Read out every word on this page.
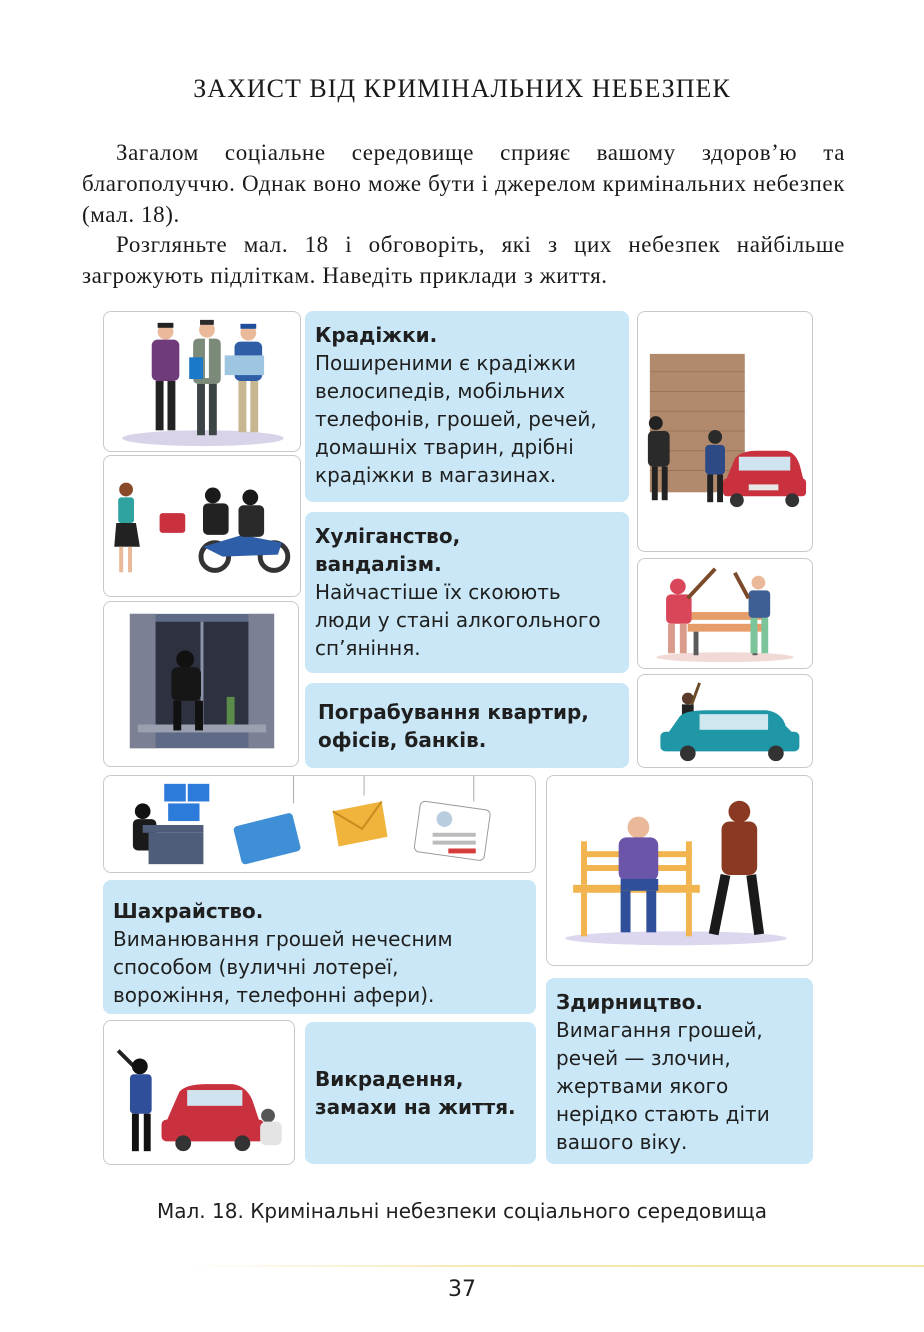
ЗАХИСТ ВІД КРИМІНАЛЬНИХ НЕБЕЗПЕК

Загалом соціальне середовище сприяє вашому здоров’ю та благополуччю. Однак воно може бути і джерелом кримінальних небезпек (мал. 18).

Розгляньте мал. 18 і обговоріть, які з цих небезпек найбільше загрожують підліткам. Наведіть приклади з життя.

Крадіжки.
Поширеними є крадіжки велосипедів, мобільних телефонів, грошей, речей, домашніх тварин, дрібні крадіжки в магазинах.
Хуліганство, вандалізм.
Найчастіше їх скоюють люди у стані алкогольного сп’яніння.
Пограбування квартир, офісів, банків.
Шахрайство.
Виманювання грошей нечесним способом (вуличні лотереї, ворожіння, телефонні афери).	Здирництво.
Вимагання грошей, речей — злочин, жертвами якого нерідко стають діти вашого віку.
Викрадення, замахи на життя.
Мал. 18. Кримінальні небезпеки соціального середовища
37
